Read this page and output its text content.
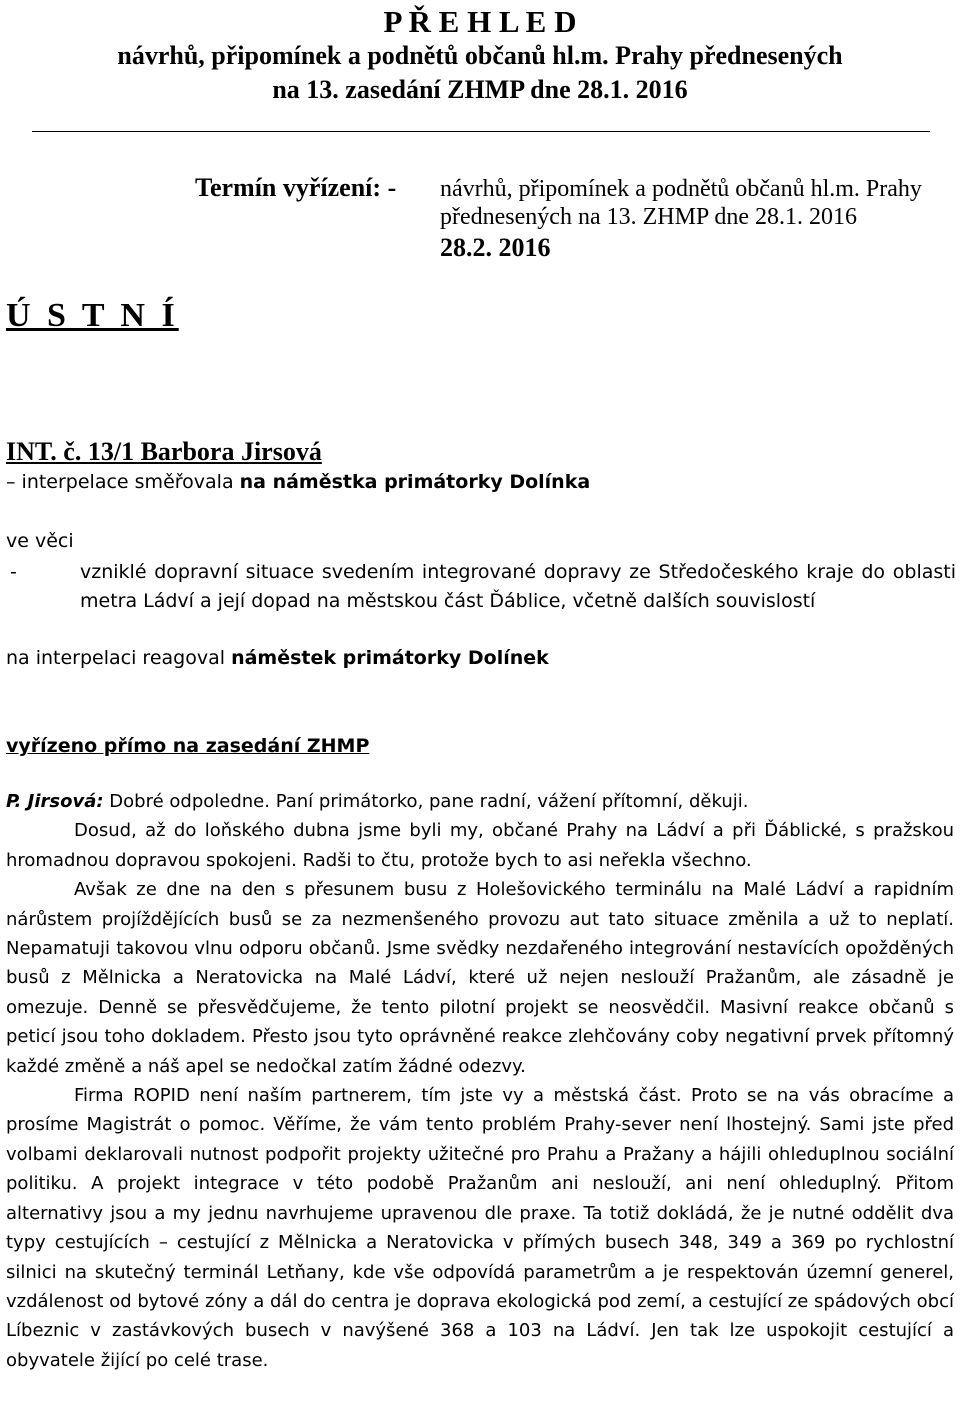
P Ř E H L E D
návrhů, připomínek a podnětů občanů hl.m. Prahy přednesených
na 13. zasedání ZHMP dne 28.1. 2016
Termín vyřízení: - návrhů, připomínek a podnětů občanů hl.m. Prahy
přednesených na 13. ZHMP dne 28.1. 2016
28.2. 2016
Ú S T N Í
INT. č. 13/1 Barbora Jirsová
– interpelace směřovala na náměstka primátorky Dolínka
ve věci
-	vzniklé dopravní situace svedením integrované dopravy ze Středočeského kraje do oblasti metra Ládví a její dopad na městskou část Ďáblice, včetně dalších souvislostí
na interpelaci reagoval náměstek primátorky Dolínek
vyřízeno přímo na zasedání ZHMP

P. Jirsová: Dobré odpoledne. Paní primátorko, pane radní, vážení přítomní, děkuji.

Dosud, až do loňského dubna jsme byli my, občané Prahy na Ládví a při Ďáblické, s pražskou hromadnou dopravou spokojeni. Radši to čtu, protože bych to asi neřekla všechno.

Avšak ze dne na den s přesunem busu z Holešovického terminálu na Malé Ládví a rapidním nárůstem projíždějících busů se za nezmenšeného provozu aut tato situace změnila a už to neplatí. Nepamatuji takovou vlnu odporu občanů. Jsme svědky nezdařeného integrování nestavících opožděných busů z Mělnicka a Neratovicka na Malé Ládví, které už nejen neslouží Pražanům, ale zásadně je omezuje. Denně se přesvědčujeme, že tento pilotní projekt se neosvědčil. Masivní reakce občanů s peticí jsou toho dokladem. Přesto jsou tyto oprávněné reakce zlehčovány coby negativní prvek přítomný každé změně a náš apel se nedočkal zatím žádné odezvy.

Firma ROPID není naším partnerem, tím jste vy a městská část. Proto se na vás obracíme a prosíme Magistrát o pomoc. Věříme, že vám tento problém Prahy-sever není lhostejný. Sami jste před volbami deklarovali nutnost podpořit projekty užitečné pro Prahu a Pražany a hájili ohleduplnou sociální politiku. A projekt integrace v této podobě Pražanům ani neslouží, ani není ohleduplný. Přitom alternativy jsou a my jednu navrhujeme upravenou dle praxe. Ta totiž dokládá, že je nutné oddělit dva typy cestujících – cestující z Mělnicka a Neratovicka v přímých busech 348, 349 a 369 po rychlostní silnici na skutečný terminál Letňany, kde vše odpovídá parametrům a je respektován územní generel, vzdálenost od bytové zóny a dál do centra je doprava ekologická pod zemí, a cestující ze spádových obcí Líbeznic v zastávkových busech v navýšené 368 a 103 na Ládví. Jen tak lze uspokojit cestující a obyvatele žijící po celé trase.
